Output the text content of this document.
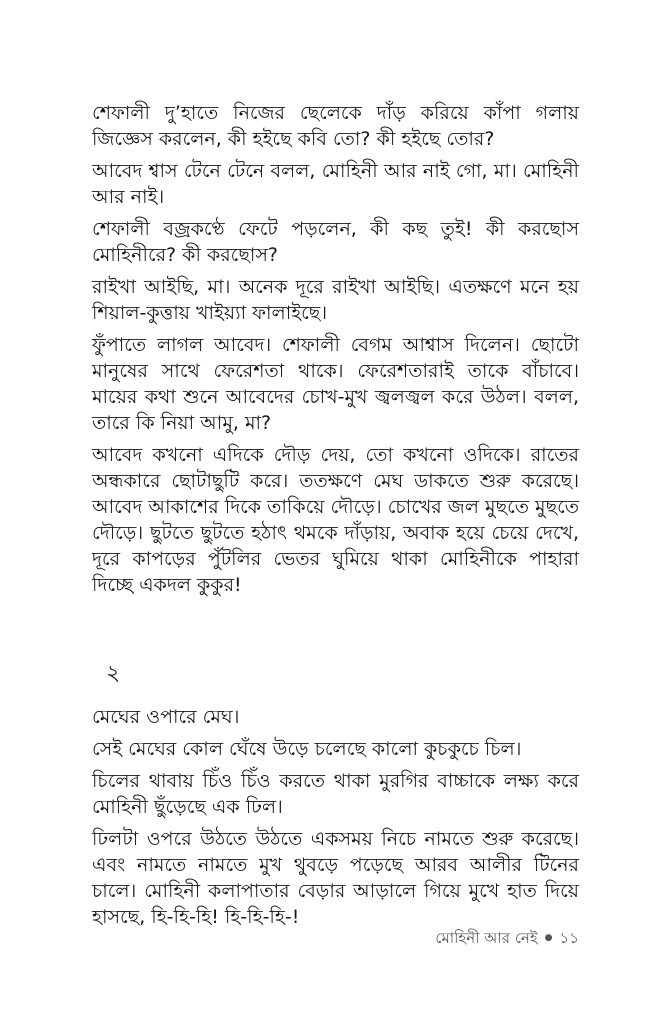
শেফালী দু’হাতে নিজের ছেলেকে দাঁড় করিয়ে কাঁপা গলায় জিজ্ঞেস করলেন, কী হইছে কবি তো? কী হইছে তোর?

আবেদ শ্বাস টেনে টেনে বলল, মোহিনী আর নাই গো, মা। মোহিনী আর নাই।

শেফালী বজ্রকণ্ঠে ফেটে পড়লেন, কী কছ তুই! কী করছোস মোহিনীরে? কী করছোস?

রাইখা আইছি, মা। অনেক দূরে রাইখা আইছি। এতক্ষণে মনে হয় শিয়াল-কুত্তায় খাইয়্যা ফালাইছে।

ফুঁপাতে লাগল আবেদ। শেফালী বেগম আশ্বাস দিলেন। ছোটো মানুষের সাথে ফেরেশতা থাকে। ফেরেশতারাই তাকে বাঁচাবে। মায়ের কথা শুনে আবেদের চোখ-মুখ জ্বলজ্বল করে উঠল। বলল, তারে কি নিয়া আমু, মা?

আবেদ কখনো এদিকে দৌড় দেয়, তো কখনো ওদিকে। রাতের অন্ধকারে ছোটাছুটি করে। ততক্ষণে মেঘ ডাকতে শুরু করেছে। আবেদ আকাশের দিকে তাকিয়ে দৌড়ে। চোখের জল মুছতে মুছতে দৌড়ে। ছুটতে ছুটতে হঠাৎ থমকে দাঁড়ায়, অবাক হয়ে চেয়ে দেখে, দূরে কাপড়ের পুঁটলির ভেতর ঘুমিয়ে থাকা মোহিনীকে পাহারা দিচ্ছে একদল কুকুর!

২

মেঘের ওপারে মেঘ।

সেই মেঘের কোল ঘেঁষে উড়ে চলেছে কালো কুচকুচে চিল।

চিলের থাবায় চিঁও চিঁও করতে থাকা মুরগির বাচ্চাকে লক্ষ্য করে মোহিনী ছুঁড়েছে এক ঢিল।

ঢিলটা ওপরে উঠতে উঠতে একসময় নিচে নামতে শুরু করেছে। এবং নামতে নামতে মুখ থুবড়ে পড়েছে আরব আলীর টিনের চালে। মোহিনী কলাপাতার বেড়ার আড়ালে গিয়ে মুখে হাত দিয়ে হাসছে, হি-হি-হি! হি-হি-হি-!

মোহিনী আর নেই ● ১১
